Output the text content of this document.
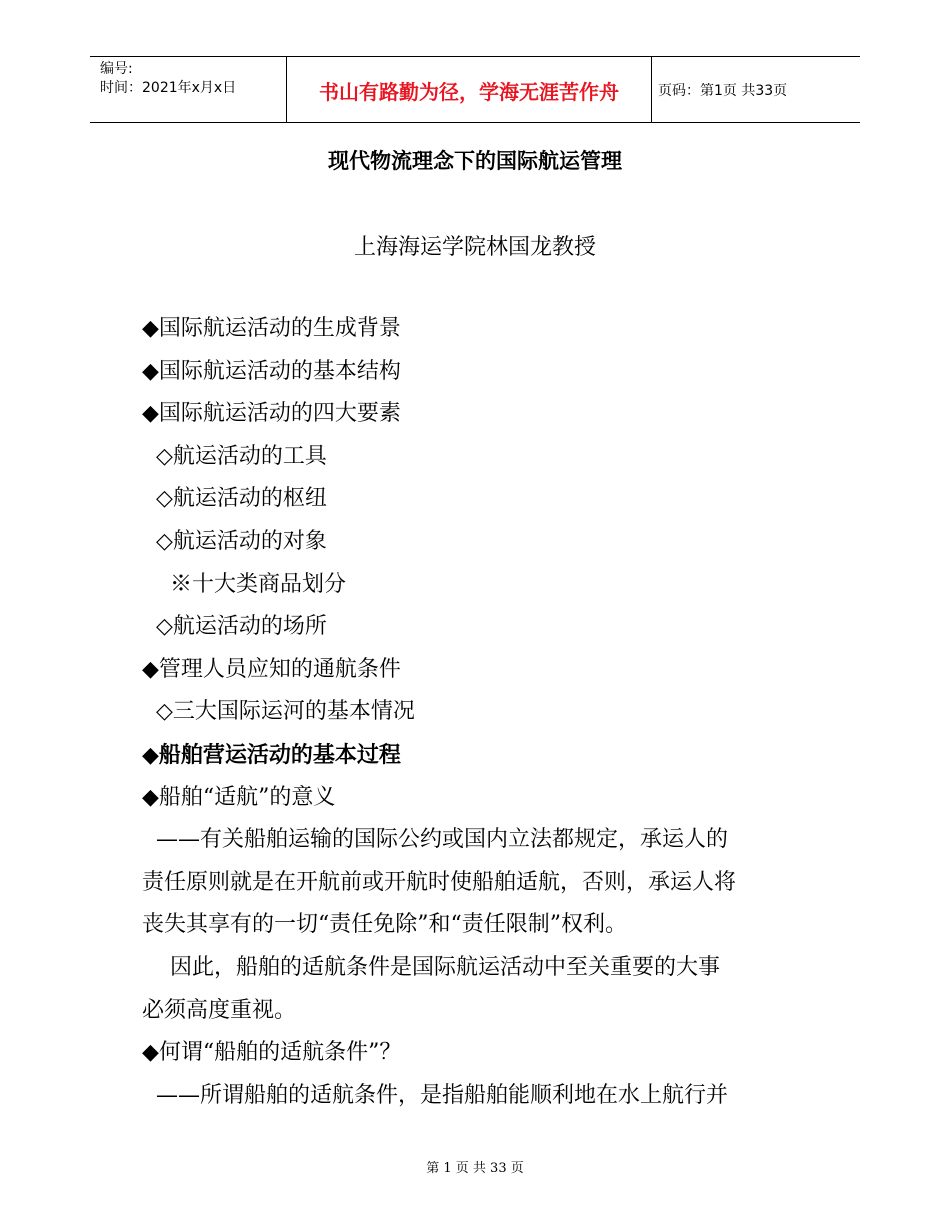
编号:
时间：2021年x月x日	书山有路勤为径，学海无涯苦作舟	页码：第1页 共33页
现代物流理念下的国际航运管理
上海海运学院林国龙教授
◆国际航运活动的生成背景
◆国际航运活动的基本结构
◆国际航运活动的四大要素
◇航运活动的工具
◇航运活动的枢纽
◇航运活动的对象
※十大类商品划分
◇航运活动的场所
◆管理人员应知的通航条件
◇三大国际运河的基本情况
◆船舶营运活动的基本过程
◆船舶“适航”的意义
——有关船舶运输的国际公约或国内立法都规定，承运人的
责任原则就是在开航前或开航时使船舶适航，否则，承运人将
丧失其享有的一切“责任免除”和“责任限制”权利。
因此，船舶的适航条件是国际航运活动中至关重要的大事
必须高度重视。
◆何谓“船舶的适航条件”？
——所谓船舶的适航条件，是指船舶能顺利地在水上航行并
第 1 页 共 33 页
